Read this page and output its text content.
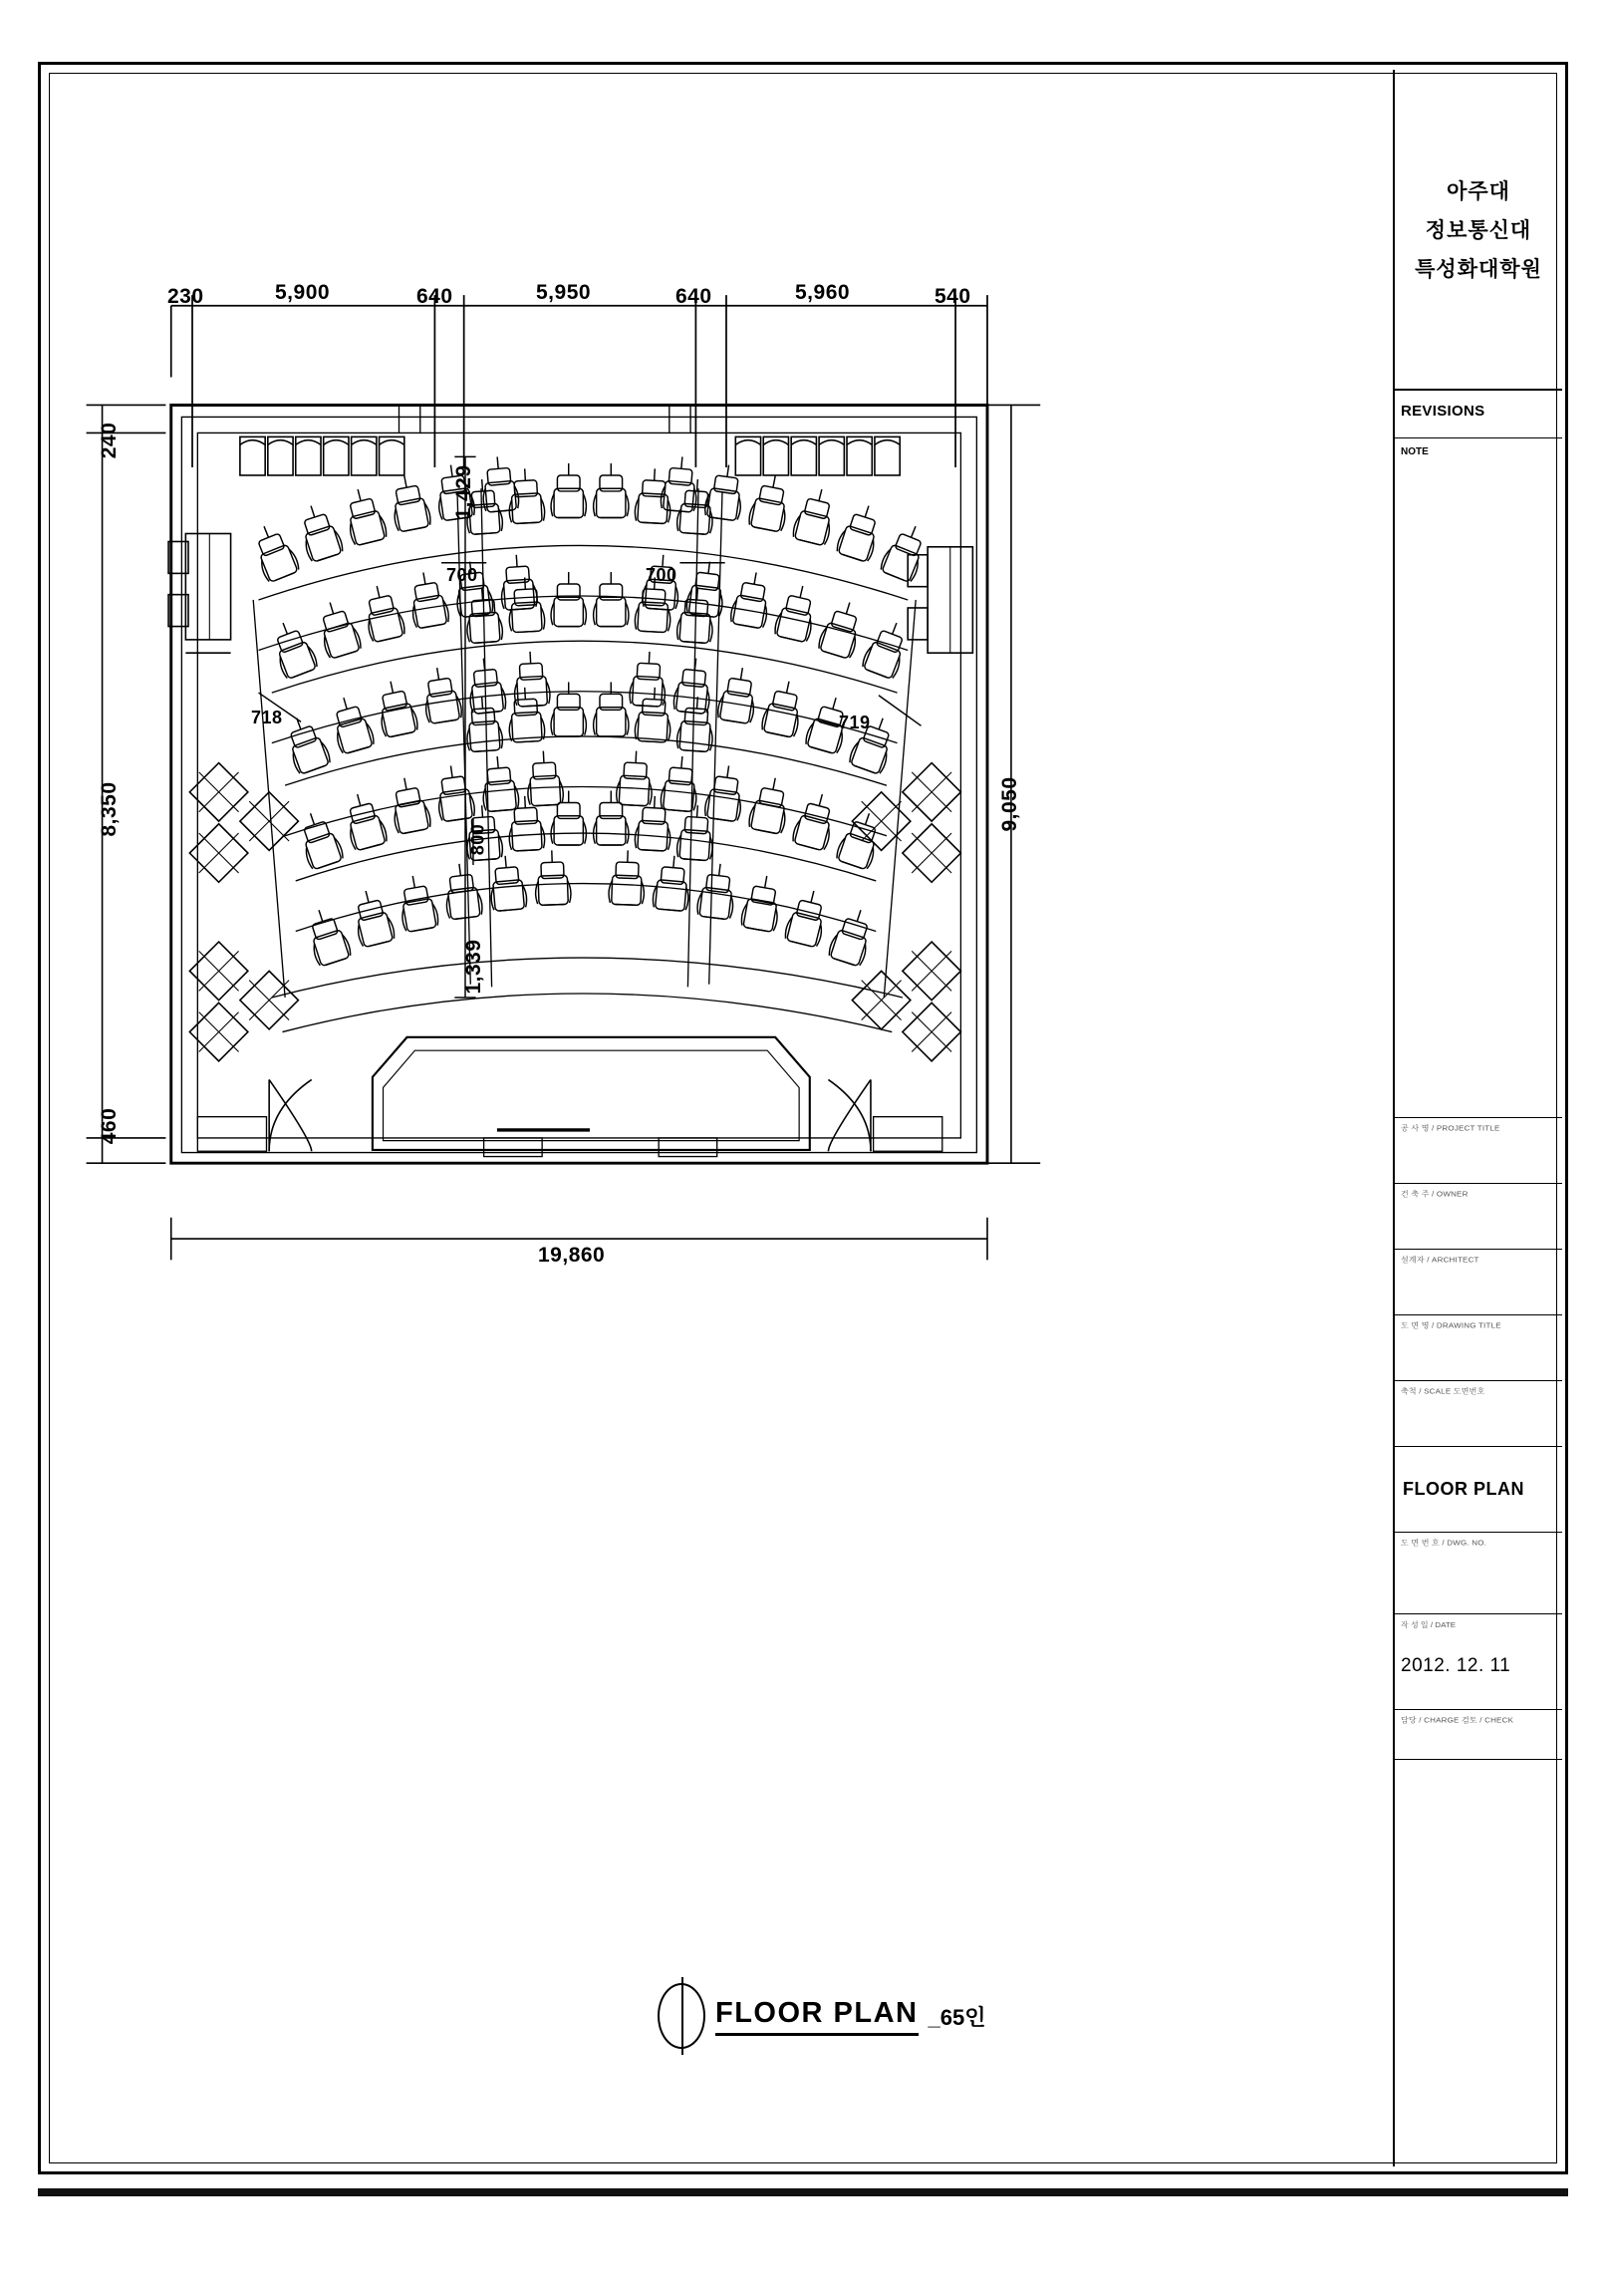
아주대
정보통신대
특성화대학원
REVISIONS
NOTE
공 사 명 / PROJECT TITLE
건 축 주 / OWNER
설계자 / ARCHITECT
도 면 명 / DRAWING TITLE
축척 / SCALE 도면번호
FLOOR PLAN
도 면 번 호 / DWG. NO.
작 성 일 / DATE
2012. 12. 11
담당 / CHARGE 검토 / CHECK
230	5,900	640	5,950	640	5,960	540
240
8,350
460
9,050
19,860
1,429
700	700
718	719
800
1,339
FLOOR PLAN _65인
